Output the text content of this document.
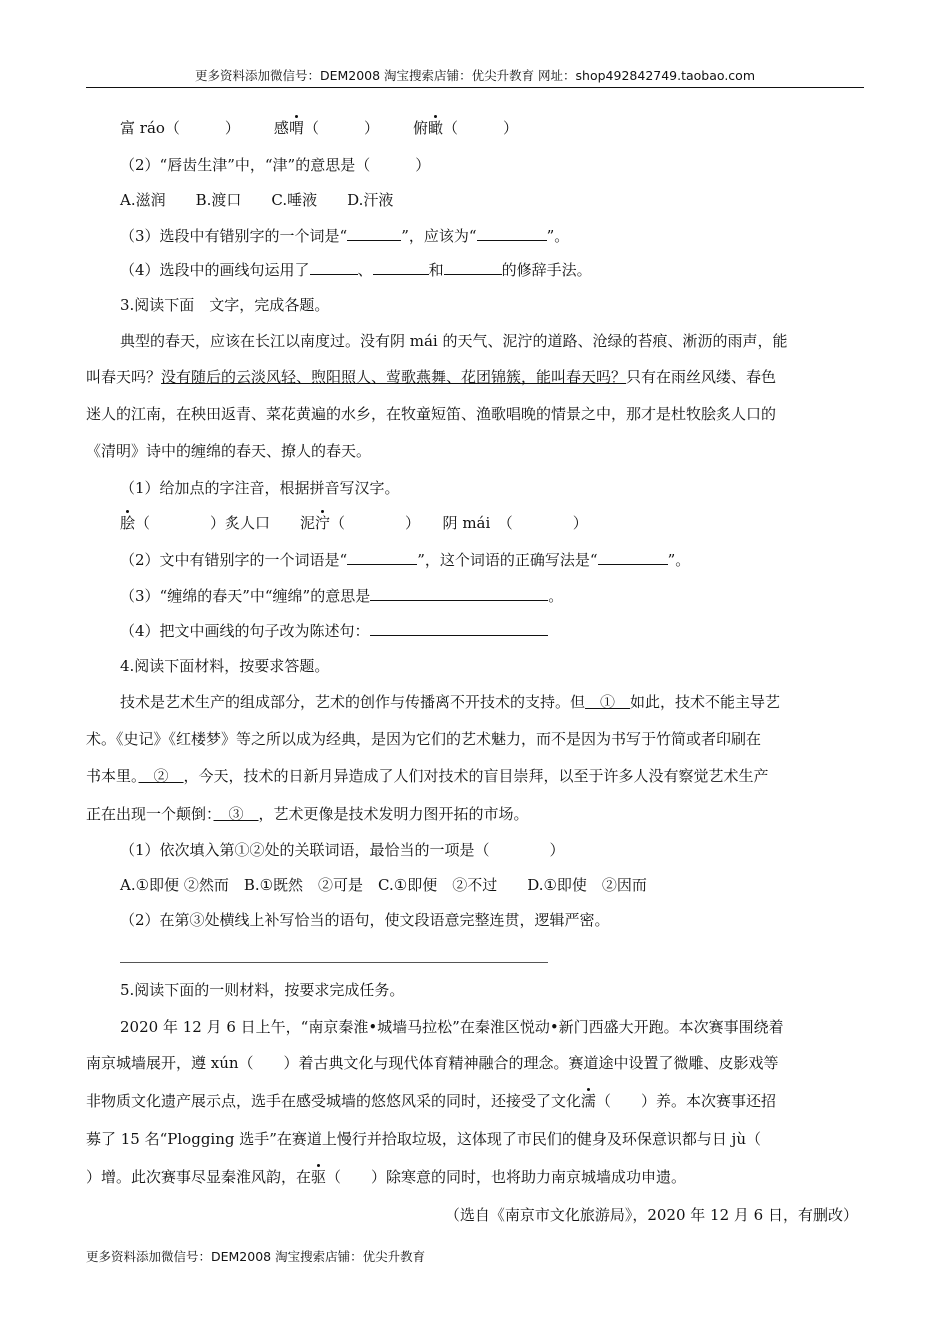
更多资料添加微信号：DEM2008 淘宝搜索店铺：优尖升教育 网址：shop492842749.taobao.com
富 ráo（　　　） 感喟（　　　） 俯瞰（　　　）
（2）“唇齿生津”中，“津”的意思是（　　　）
A.滋润　　B.渡口　　C.唾液　　D.汗液
（3）选段中有错别字的一个词是“	”，应该为“	”。
（4）选段中的画线句运用了	、	和	的修辞手法。
3.阅读下面　文字，完成各题。
典型的春天，应该在长江以南度过。没有阴 mái 的天气、泥泞的道路、沧绿的苔痕、淅沥的雨声，能
叫春天吗？没有随后的云淡风轻、煦阳照人、莺歌燕舞、花团锦簇，能叫春天吗？只有在雨丝风缕、春色
迷人的江南，在秧田返青、菜花黄遍的水乡，在牧童短笛、渔歌唱晚的情景之中，那才是杜牧脍炙人口的
《清明》诗中的缠绵的春天、撩人的春天。
（1）给加点的字注音，根据拼音写汉字。
脍（　　　　）炙人口　　泥泞（　　　　）　　阴 mái　（　　　　）
（2）文中有错别字的一个词语是“	”，这个词语的正确写法是“	”。
（3）“缠绵的春天”中“缠绵”的意思是	。
（4）把文中画线的句子改为陈述句：
4.阅读下面材料，按要求答题。
技术是艺术生产的组成部分，艺术的创作与传播离不开技术的支持。但　①　如此，技术不能主导艺
术。《史记》《红楼梦》等之所以成为经典，是因为它们的艺术魅力，而不是因为书写于竹简或者印刷在
书本里。　②　，今天，技术的日新月异造成了人们对技术的盲目崇拜，以至于许多人没有察觉艺术生产
正在出现一个颠倒：　③　，艺术更像是技术发明力图开拓的市场。
（1）依次填入第①②处的关联词语，最恰当的一项是（　　　　）
A.①即便 ②然而　B.①既然　②可是　C.①即便　②不过　　D.①即使　②因而
（2）在第③处横线上补写恰当的语句，使文段语意完整连贯，逻辑严密。
5.阅读下面的一则材料，按要求完成任务。
2020 年 12 月 6 日上午，“南京秦淮•城墙马拉松”在秦淮区悦动•新门西盛大开跑。本次赛事围绕着
南京城墙展开，遵 xún（　　）着古典文化与现代体育精神融合的理念。赛道途中设置了微雕、皮影戏等
非物质文化遗产展示点，选手在感受城墙的悠悠风采的同时，还接受了文化濡（　　）养。本次赛事还招
募了 15 名“Plogging 选手”在赛道上慢行并拾取垃圾，这体现了市民们的健身及环保意识都与日 jù（
）增。此次赛事尽显秦淮风韵，在驱（　　）除寒意的同时，也将助力南京城墙成功申遗。
（选自《南京市文化旅游局》，2020 年 12 月 6 日，有删改）
更多资料添加微信号：DEM2008 淘宝搜索店铺：优尖升教育
